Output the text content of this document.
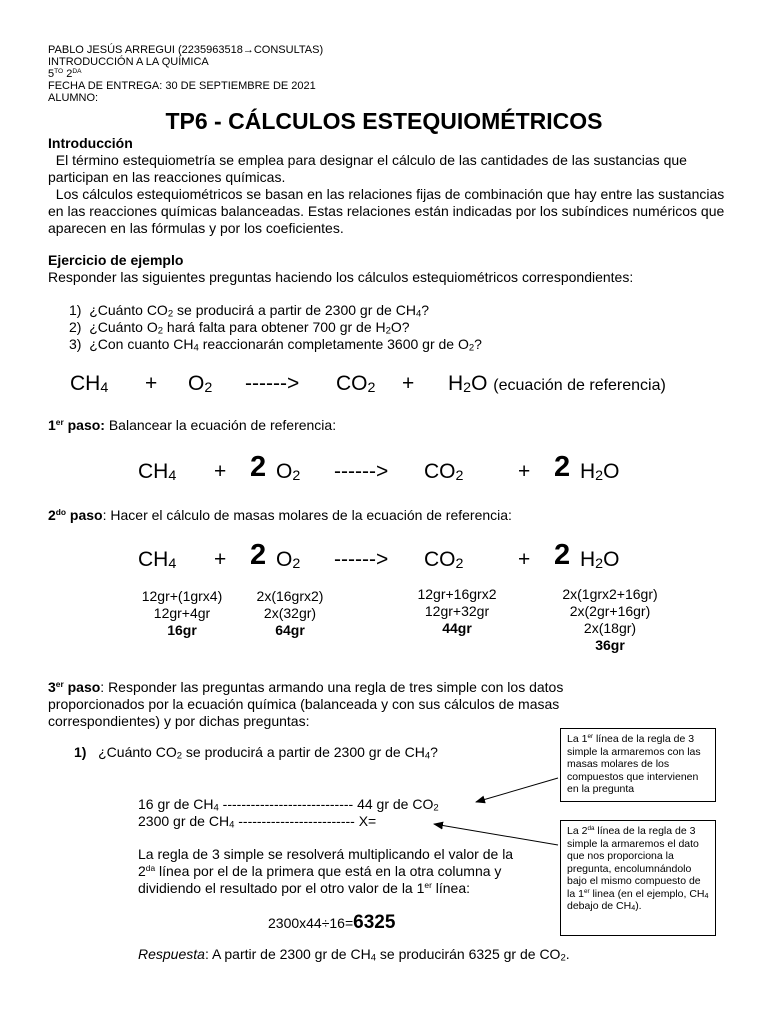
PABLO JESÚS ARREGUI (2235963518→CONSULTAS)
INTRODUCCIÓN A LA QUÍMICA
$5^{TO}$ $2^{DA}$
FECHA DE ENTREGA: 30 DE SEPTIEMBRE DE 2021
ALUMNO:
TP6 - CÁLCULOS ESTEQUIOMÉTRICOS
Introducción
El término estequiometría se emplea para designar el cálculo de las cantidades de las sustancias que participan en las reacciones químicas.
Los cálculos estequiométricos se basan en las relaciones fijas de combinación que hay entre las sustancias en las reacciones químicas balanceadas. Estas relaciones están indicadas por los subíndices numéricos que aparecen en las fórmulas y por los coeficientes.
Ejercicio de ejemplo
Responder las siguientes preguntas haciendo los cálculos estequiométricos correspondientes:
1) ¿Cuánto $CO_2$ se producirá a partir de 2300 gr de $CH_4$?
2) ¿Cuánto $O_2$ hará falta para obtener 700 gr de $H_2O$?
3) ¿Con cuanto $CH_4$ reaccionarán completamente 3600 gr de $O_2$?
$CH_4 + O_2$ ------> $CO_2 + H_2O$ (ecuación de referencia)
1er paso: Balancear la ecuación de referencia:
$CH_4 + 2$ $O_2$ ------> $CO_2$	+ 2 $H_2O$
$2^{do}$ paso: Hacer el cálculo de masas molares de la ecuación de referencia:
$CH_4 + 2$ $O_2$ ------> $CO_2$	+ 2 $H_2O$
12gr+(1grx4)
12gr+4gr
16gr
2x(16grx2)
2x(32gr)
64gr
12gr+16grx2
12gr+32gr
44gr
2x(1grx2+16gr)
2x(2gr+16gr)
2x(18gr)
36gr
3er paso: Responder las preguntas armando una regla de tres simple con los datos proporcionados por la ecuación química (balanceada y con sus cálculos de masas correspondientes) y por dichas preguntas:
1) ¿Cuánto $CO_2$ se producirá a partir de 2300 gr de $CH_4$?
16 gr de $CH_4$ ---------------------------- 44 gr de $CO_2$
2300 gr de $CH_4$ ------------------------- X=
La regla de 3 simple se resolverá multiplicando el valor de la $2^{da}$ línea por el de la primera que está en la otra columna y dividiendo el resultado por el otro valor de la 1er línea:
2300x44÷16=6325
Respuesta: A partir de 2300 gr de $CH_4$ se producirán 6325 gr de $CO_2$.
La 1er línea de la regla de 3 simple la armaremos con las masas molares de los compuestos que intervienen en la pregunta
La $2^{da}$ línea de la regla de 3 simple la armaremos el dato que nos proporciona la pregunta, encolumnándolo bajo el mismo compuesto de la 1er linea (en el ejemplo, $CH_4$ debajo de $CH_4$).
